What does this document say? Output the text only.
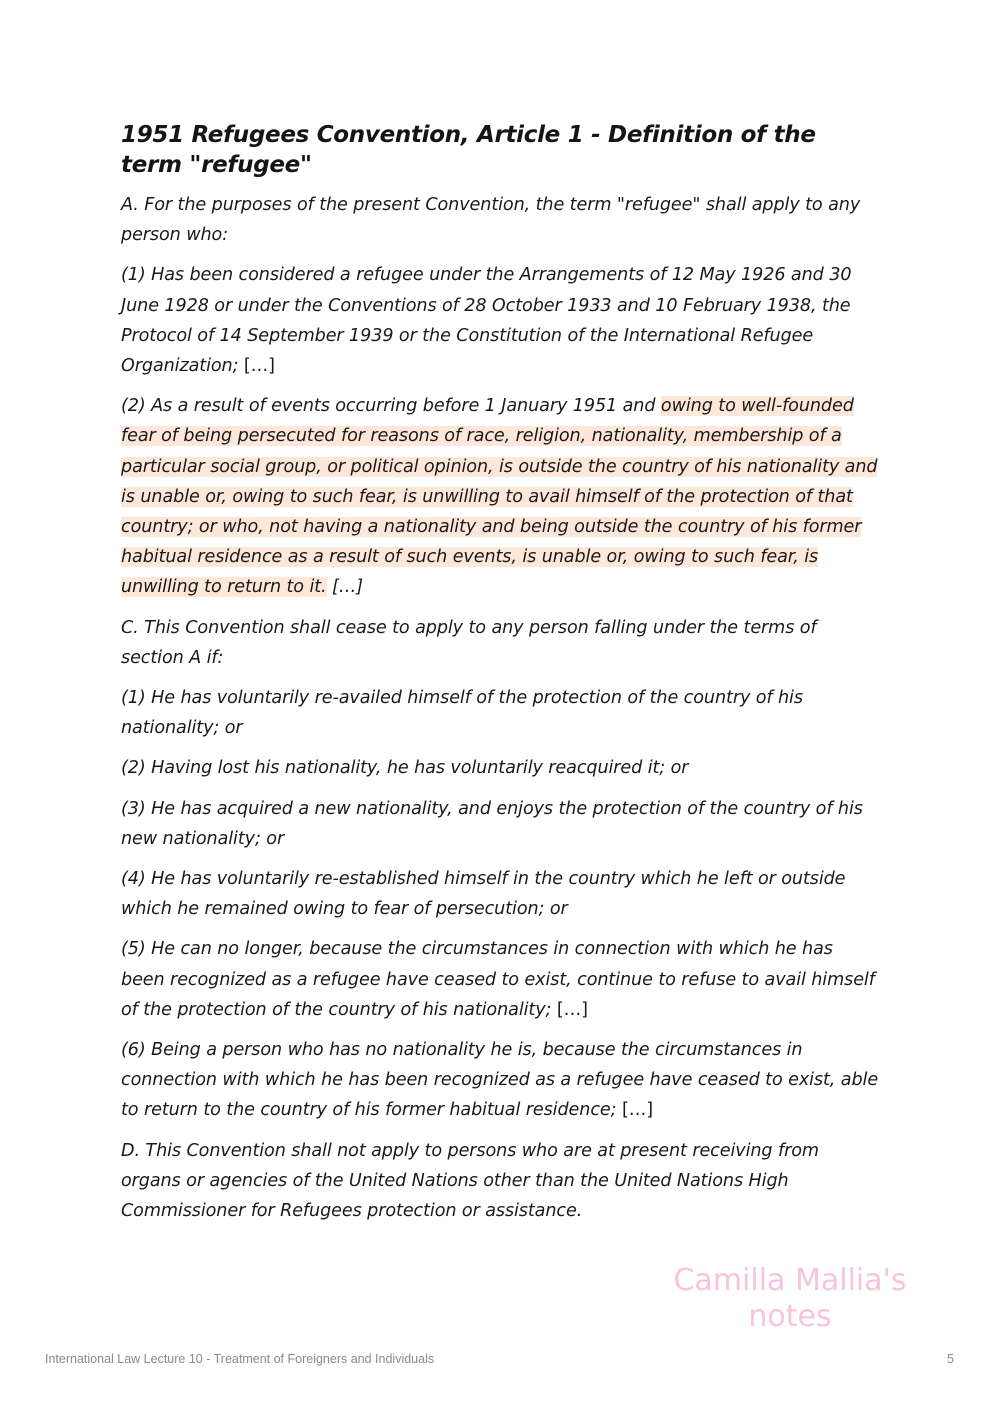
1951 Refugees Convention, Article 1 - Definition of the term "refugee"

A. For the purposes of the present Convention, the term "refugee" shall apply to any person who:

(1) Has been considered a refugee under the Arrangements of 12 May 1926 and 30 June 1928 or under the Conventions of 28 October 1933 and 10 February 1938, the Protocol of 14 September 1939 or the Constitution of the International Refugee Organization; […]

(2) As a result of events occurring before 1 January 1951 and owing to well-founded fear of being persecuted for reasons of race, religion, nationality, membership of a particular social group, or political opinion, is outside the country of his nationality and is unable or, owing to such fear, is unwilling to avail himself of the protection of that country; or who, not having a nationality and being outside the country of his former habitual residence as a result of such events, is unable or, owing to such fear, is unwilling to return to it. […]

C. This Convention shall cease to apply to any person falling under the terms of section A if:

(1) He has voluntarily re-availed himself of the protection of the country of his nationality; or

(2) Having lost his nationality, he has voluntarily reacquired it; or

(3) He has acquired a new nationality, and enjoys the protection of the country of his new nationality; or

(4) He has voluntarily re-established himself in the country which he left or outside which he remained owing to fear of persecution; or

(5) He can no longer, because the circumstances in connection with which he has been recognized as a refugee have ceased to exist, continue to refuse to avail himself of the protection of the country of his nationality; […]

(6) Being a person who has no nationality he is, because the circumstances in connection with which he has been recognized as a refugee have ceased to exist, able to return to the country of his former habitual residence; […]

D. This Convention shall not apply to persons who are at present receiving from organs or agencies of the United Nations other than the United Nations High Commissioner for Refugees protection or assistance.

Camilla Mallia's notes
International Law Lecture 10 - Treatment of Foreigners and Individuals	5
